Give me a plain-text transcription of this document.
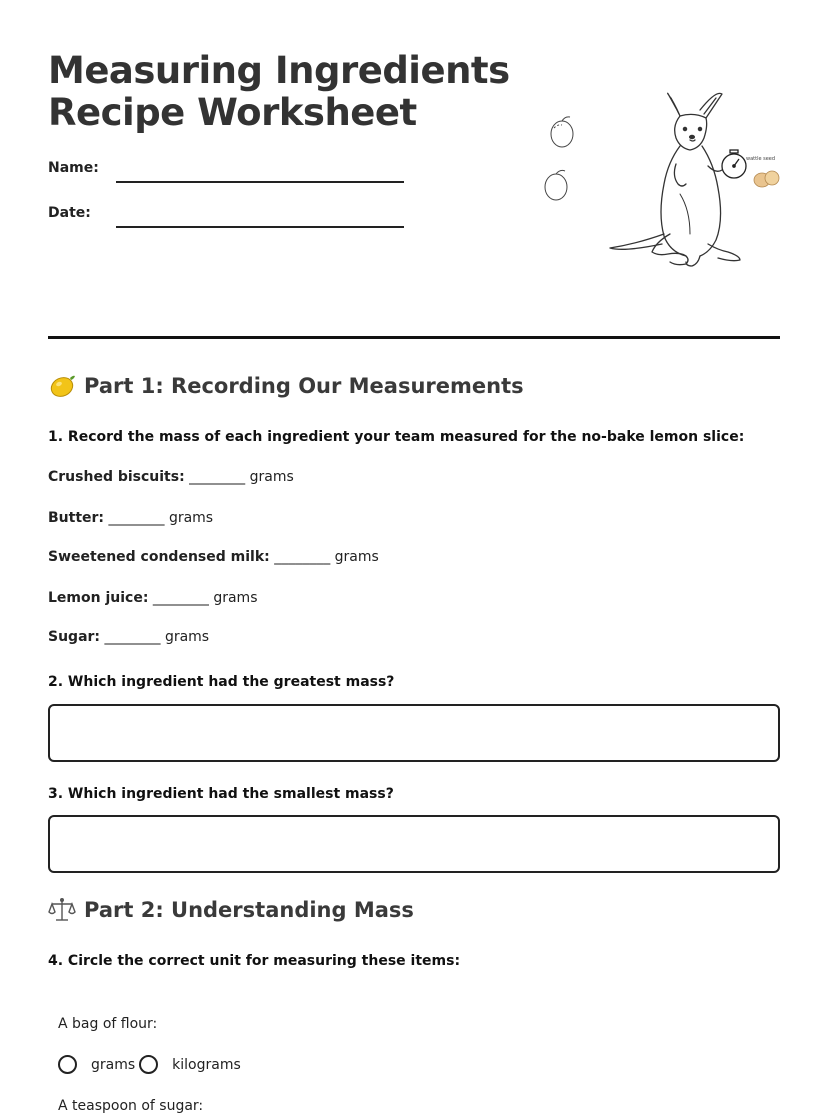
Measuring Ingredients
Recipe Worksheet
Name:
Date:
wattle seed
Part 1: Recording Our Measurements

1. Record the mass of each ingredient your team measured for the no-bake lemon slice:

Crushed biscuits: ________ grams
Butter: ________ grams
Sweetened condensed milk: ________ grams
Lemon juice: ________ grams
Sugar: ________ grams

2. Which ingredient had the greatest mass?

3. Which ingredient had the smallest mass?

Part 2: Understanding Mass

4. Circle the correct unit for measuring these items:

A bag of flour:
grams	kilograms
A teaspoon of sugar:
